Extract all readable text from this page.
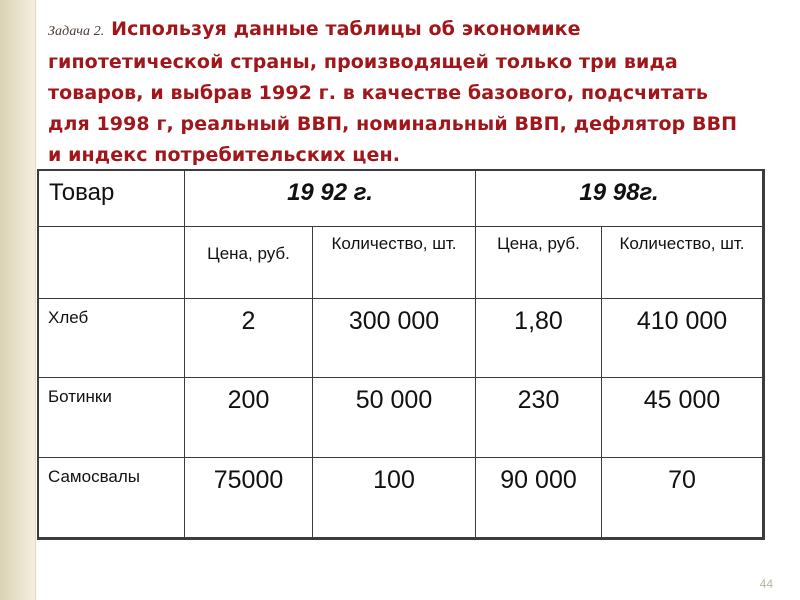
Задача 2. Используя данные таблицы об экономике гипотетической страны, производящей только три вида товаров, и выбрав 1992 г. в качестве базового, подсчитать для 1998 г, реальный ВВП, номинальный ВВП, дефлятор ВВП и индекс потребительских цен.
Товар	19 92 г.		19 98г.	
	Цена, руб.	Количество, шт.	Цена, руб.	Количество, шт.
Хлеб	2	300 000	1,80	410 000
Ботинки	200	50 000	230	45 000
Самосвалы	75000	100	90 000	70
44
